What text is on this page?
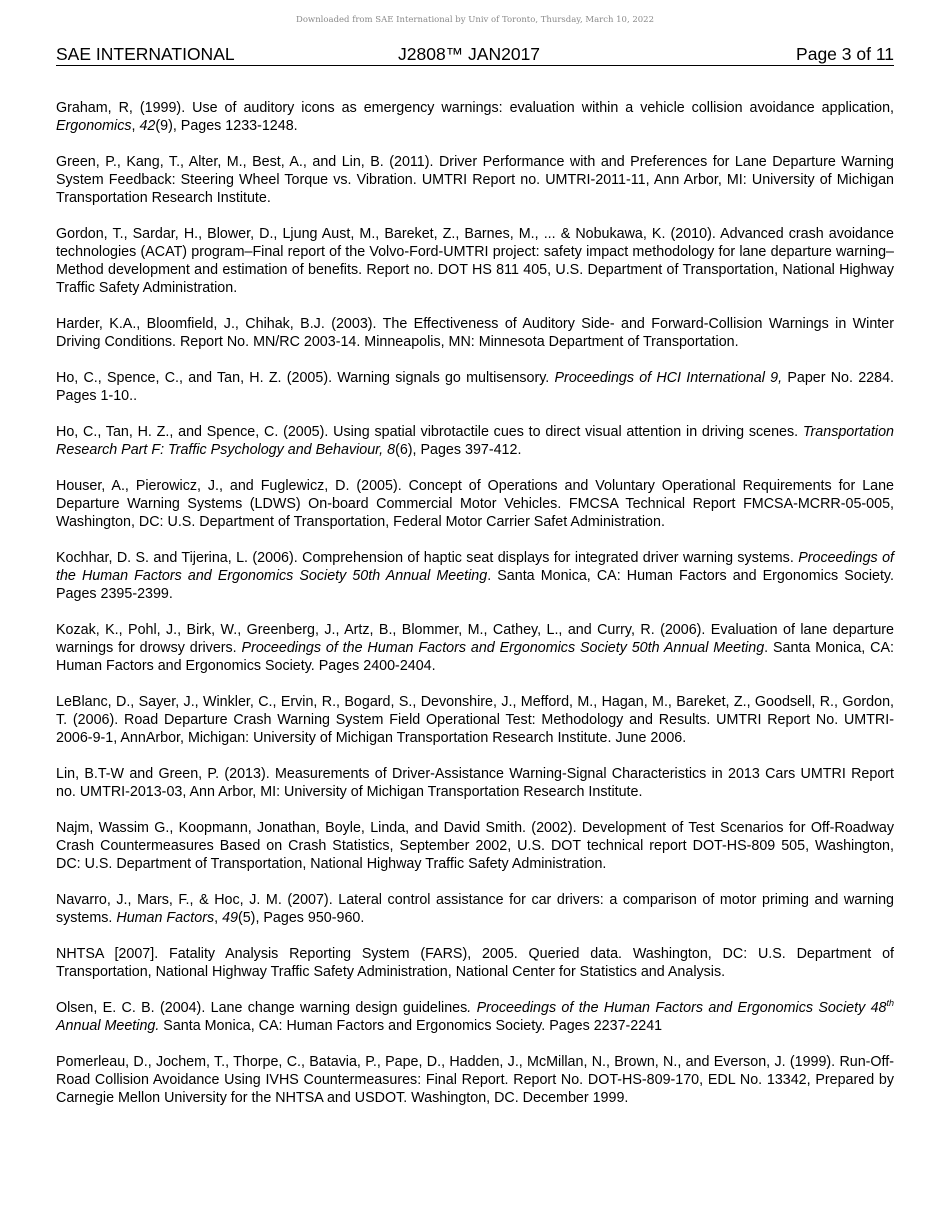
Downloaded from SAE International by Univ of Toronto, Thursday, March 10, 2022
SAE INTERNATIONAL	J2808™ JAN2017	Page 3 of 11

Graham, R, (1999). Use of auditory icons as emergency warnings: evaluation within a vehicle collision avoidance application, Ergonomics, 42(9), Pages 1233-1248.

Green, P., Kang, T., Alter, M., Best, A., and Lin, B. (2011). Driver Performance with and Preferences for Lane Departure Warning System Feedback: Steering Wheel Torque vs. Vibration. UMTRI Report no. UMTRI-2011-11, Ann Arbor, MI: University of Michigan Transportation Research Institute.

Gordon, T., Sardar, H., Blower, D., Ljung Aust, M., Bareket, Z., Barnes, M., ... & Nobukawa, K. (2010). Advanced crash avoidance technologies (ACAT) program–Final report of the Volvo-Ford-UMTRI project: safety impact methodology for lane departure warning–Method development and estimation of benefits. Report no. DOT HS 811 405, U.S. Department of Transportation, National Highway Traffic Safety Administration.

Harder, K.A., Bloomfield, J., Chihak, B.J. (2003). The Effectiveness of Auditory Side- and Forward-Collision Warnings in Winter Driving Conditions. Report No. MN/RC 2003-14. Minneapolis, MN: Minnesota Department of Transportation.

Ho, C., Spence, C., and Tan, H. Z. (2005). Warning signals go multisensory. Proceedings of HCI International 9, Paper No. 2284. Pages 1-10..

Ho, C., Tan, H. Z., and Spence, C. (2005). Using spatial vibrotactile cues to direct visual attention in driving scenes. Transportation Research Part F: Traffic Psychology and Behaviour, 8(6), Pages 397-412.

Houser, A., Pierowicz, J., and Fuglewicz, D. (2005). Concept of Operations and Voluntary Operational Requirements for Lane Departure Warning Systems (LDWS) On-board Commercial Motor Vehicles. FMCSA Technical Report FMCSA-MCRR-05-005, Washington, DC: U.S. Department of Transportation, Federal Motor Carrier Safet Administration.

Kochhar, D. S. and Tijerina, L. (2006). Comprehension of haptic seat displays for integrated driver warning systems. Proceedings of the Human Factors and Ergonomics Society 50th Annual Meeting. Santa Monica, CA: Human Factors and Ergonomics Society. Pages 2395-2399.

Kozak, K., Pohl, J., Birk, W., Greenberg, J., Artz, B., Blommer, M., Cathey, L., and Curry, R. (2006). Evaluation of lane departure warnings for drowsy drivers. Proceedings of the Human Factors and Ergonomics Society 50th Annual Meeting. Santa Monica, CA: Human Factors and Ergonomics Society. Pages 2400-2404.

LeBlanc, D., Sayer, J., Winkler, C., Ervin, R., Bogard, S., Devonshire, J., Mefford, M., Hagan, M., Bareket, Z., Goodsell, R., Gordon, T. (2006). Road Departure Crash Warning System Field Operational Test: Methodology and Results. UMTRI Report No. UMTRI-2006-9-1, AnnArbor, Michigan: University of Michigan Transportation Research Institute. June 2006.

Lin, B.T-W and Green, P. (2013). Measurements of Driver-Assistance Warning-Signal Characteristics in 2013 Cars UMTRI Report no. UMTRI-2013-03, Ann Arbor, MI: University of Michigan Transportation Research Institute.

Najm, Wassim G., Koopmann, Jonathan, Boyle, Linda, and David Smith. (2002). Development of Test Scenarios for Off-Roadway Crash Countermeasures Based on Crash Statistics, September 2002, U.S. DOT technical report DOT-HS-809 505, Washington, DC: U.S. Department of Transportation, National Highway Traffic Safety Administration.

Navarro, J., Mars, F., & Hoc, J. M. (2007). Lateral control assistance for car drivers: a comparison of motor priming and warning systems. Human Factors, 49(5), Pages 950-960.

NHTSA [2007]. Fatality Analysis Reporting System (FARS), 2005. Queried data. Washington, DC: U.S. Department of Transportation, National Highway Traffic Safety Administration, National Center for Statistics and Analysis.

Olsen, E. C. B. (2004). Lane change warning design guidelines. Proceedings of the Human Factors and Ergonomics Society 48th Annual Meeting. Santa Monica, CA: Human Factors and Ergonomics Society. Pages 2237-2241

Pomerleau, D., Jochem, T., Thorpe, C., Batavia, P., Pape, D., Hadden, J., McMillan, N., Brown, N., and Everson, J. (1999). Run-Off-Road Collision Avoidance Using IVHS Countermeasures: Final Report. Report No. DOT-HS-809-170, EDL No. 13342, Prepared by Carnegie Mellon University for the NHTSA and USDOT. Washington, DC. December 1999.
